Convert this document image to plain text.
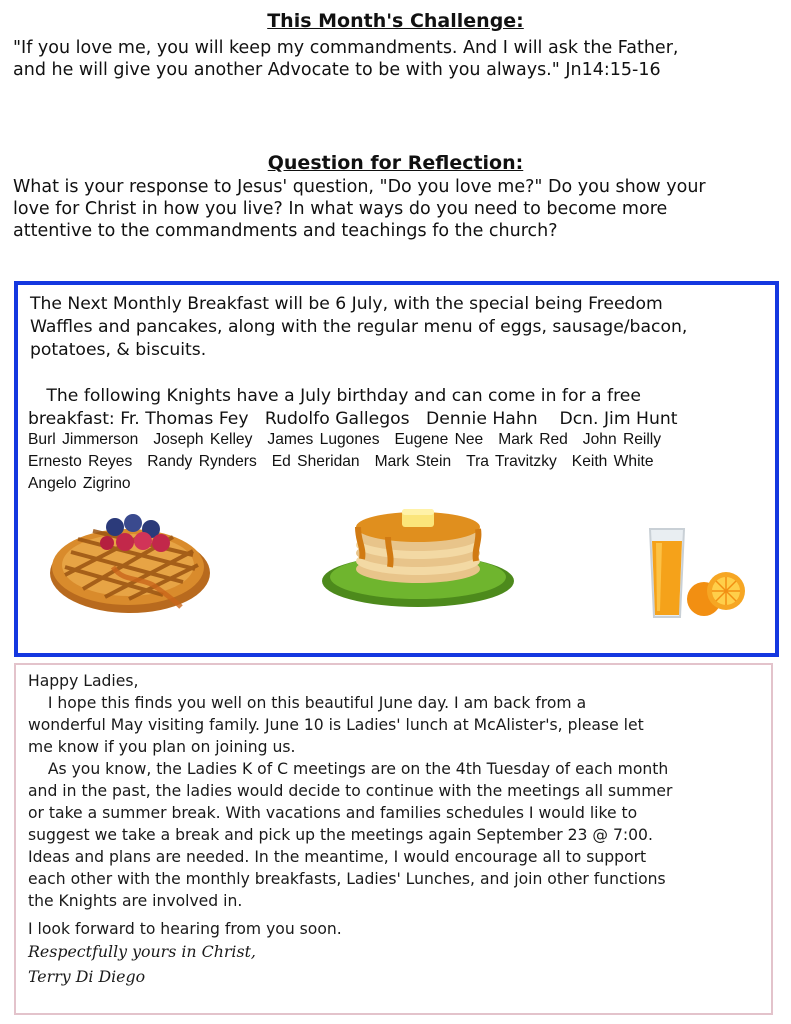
This Month's Challenge:

"If you love me, you will keep my commandments. And I will ask the Father,

and he will give you another Advocate to be with you always." Jn14:15-16

Question for Reflection:

What is your response to Jesus' question, "Do you love me?" Do you show your

love for Christ in how you live? In what ways do you need to become more

attentive to the commandments and teachings fo the church?

The Next Monthly Breakfast will be 6 July, with the special being Freedom

Waffles and pancakes, along with the regular menu of eggs, sausage/bacon,

potatoes, & biscuits.

The following Knights have a July birthday and can come in for a free

breakfast: Fr. Thomas Fey   Rudolfo Gallegos   Dennie Hahn    Dcn. Jim Hunt

Burl Jimmerson Joseph Kelley James Lugones Eugene Nee Mark Red John Reilly
Ernesto Reyes Randy Rynders Ed Sheridan Mark Stein Tra Travitzky Keith White
Angelo Zigrino

Happy Ladies,

I hope this finds you well on this beautiful June day. I am back from a

wonderful May visiting family. June 10 is Ladies' lunch at McAlister's, please let

me know if you plan on joining us.

As you know, the Ladies K of C meetings are on the 4th Tuesday of each month

and in the past, the ladies would decide to continue with the meetings all summer

or take a summer break. With vacations and families schedules I would like to

suggest we take a break and pick up the meetings again September 23 @ 7:00.

Ideas and plans are needed. In the meantime, I would encourage all to support

each other with the monthly breakfasts, Ladies' Lunches, and join other functions

the Knights are involved in.

I look forward to hearing from you soon.

Respectfully yours in Christ,

Terry Di Diego
